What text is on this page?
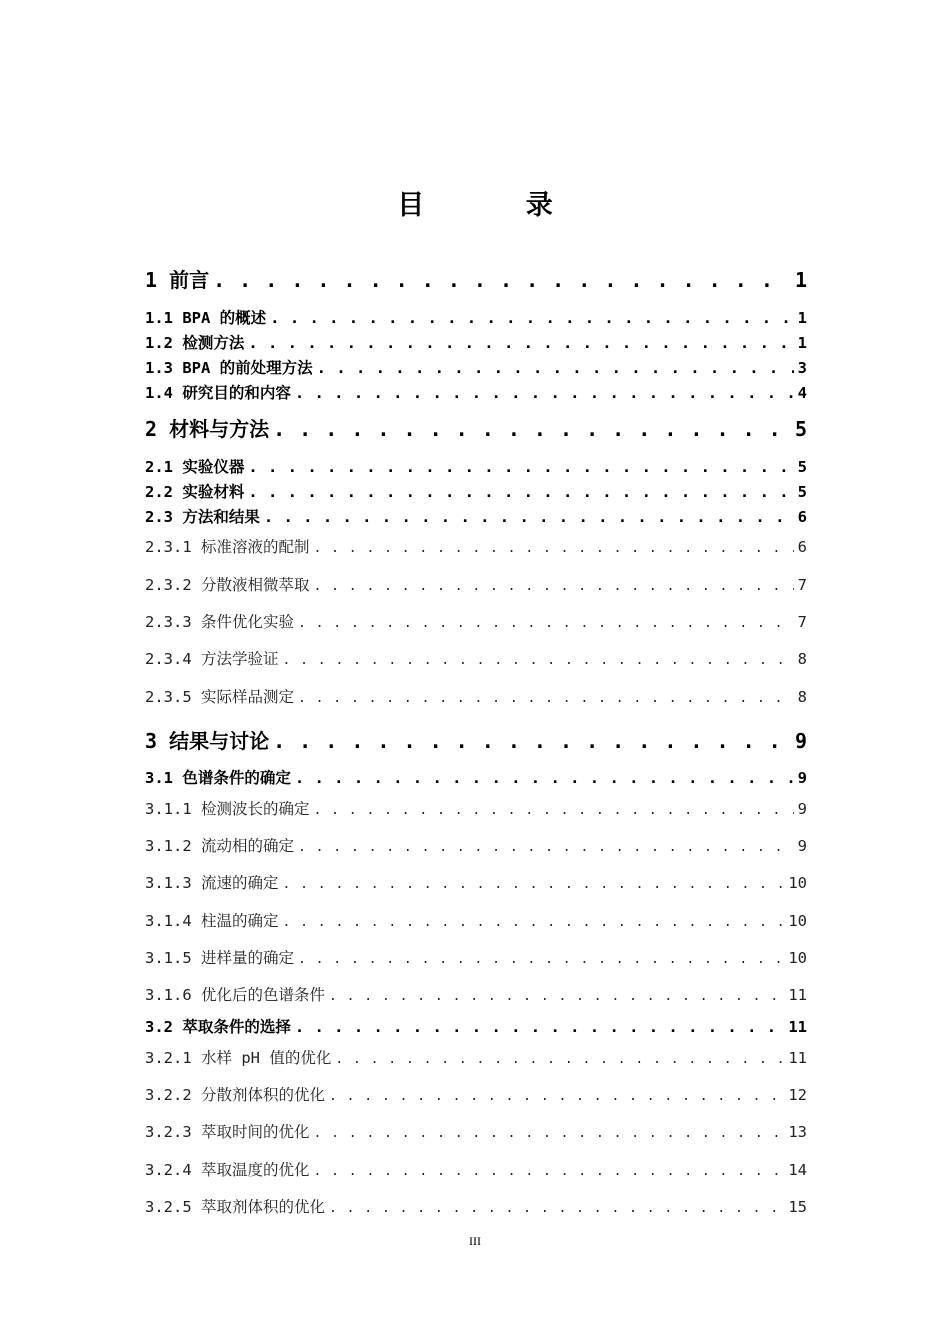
目 录
1 前言 . . .	1
1.1 BPA 的概述 . . .	1
1.2 检测方法 . . .	1
1.3 BPA 的前处理方法 . . .	3
1.4 研究目的和内容 . . .	4
2 材料与方法 . . .	5
2.1 实验仪器 . . .	5
2.2 实验材料 . . .	5
2.3 方法和结果 . . .	6
2.3.1 标准溶液的配制 . . .	6
2.3.2 分散液相微萃取 . . .	7
2.3.3 条件优化实验 . . .	7
2.3.4 方法学验证 . . .	8
2.3.5 实际样品测定 . . .	8
3 结果与讨论 . . .	9
3.1 色谱条件的确定 . . .	9
3.1.1 检测波长的确定 . . .	9
3.1.2 流动相的确定 . . .	9
3.1.3 流速的确定 . . .	10
3.1.4 柱温的确定 . . .	10
3.1.5 进样量的确定 . . .	10
3.1.6 优化后的色谱条件 . . .	11
3.2 萃取条件的选择 . . .	11
3.2.1 水样 pH 值的优化 . . .	11
3.2.2 分散剂体积的优化 . . .	12
3.2.3 萃取时间的优化 . . .	13
3.2.4 萃取温度的优化 . . .	14
3.2.5 萃取剂体积的优化 . . .	15
III
